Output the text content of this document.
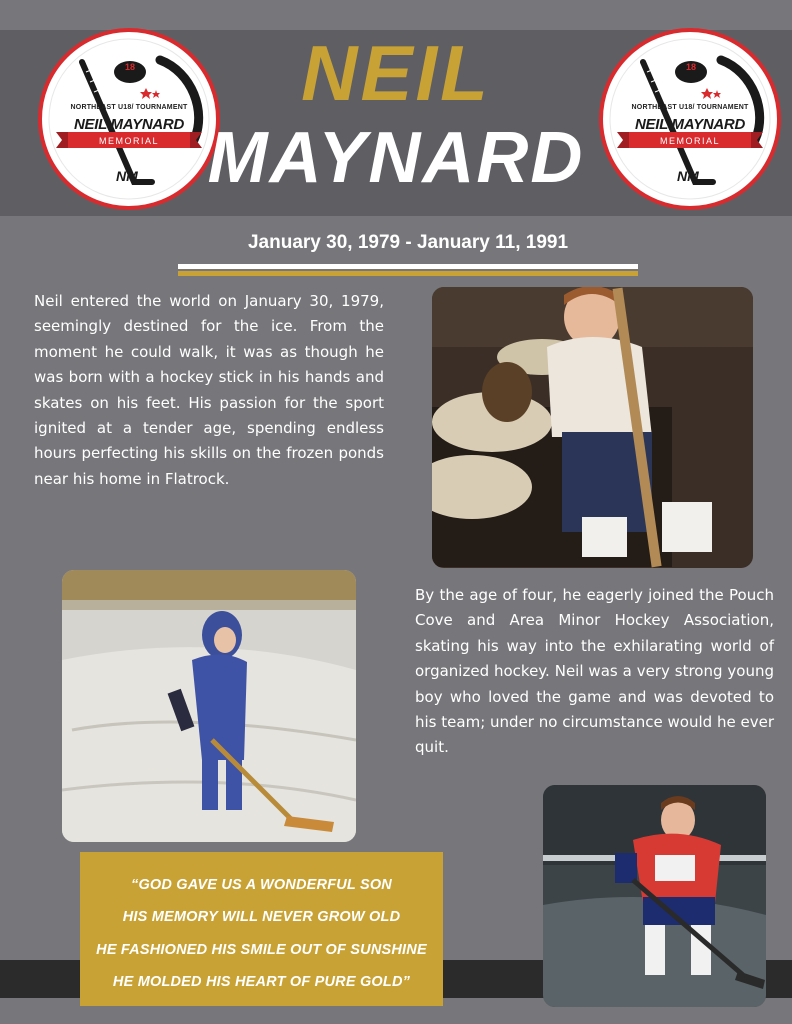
18
NORTHEAST U18/ TOURNAMENT
NEIL MAYNARD
MEMORIAL
NM
18
NORTHEAST U18/ TOURNAMENT
NEIL MAYNARD
MEMORIAL
NM
NEIL
MAYNARD
January 30, 1979 - January 11, 1991

Neil entered the world on January 30, 1979, seemingly destined for the ice. From the moment he could walk, it was as though he was born with a hockey stick in his hands and skates on his feet. His passion for the sport ignited at a tender age, spending endless hours perfecting his skills on the frozen ponds near his home in Flatrock.

By the age of four, he eagerly joined the Pouch Cove and Area Minor Hockey Association, skating his way into the exhilarating world of organized hockey. Neil was a very strong young boy who loved the game and was devoted to his team; under no circumstance would he ever quit.

“GOD GAVE US A WONDERFUL SON
HIS MEMORY WILL NEVER GROW OLD
HE FASHIONED HIS SMILE OUT OF SUNSHINE
HE MOLDED HIS HEART OF PURE GOLD”
